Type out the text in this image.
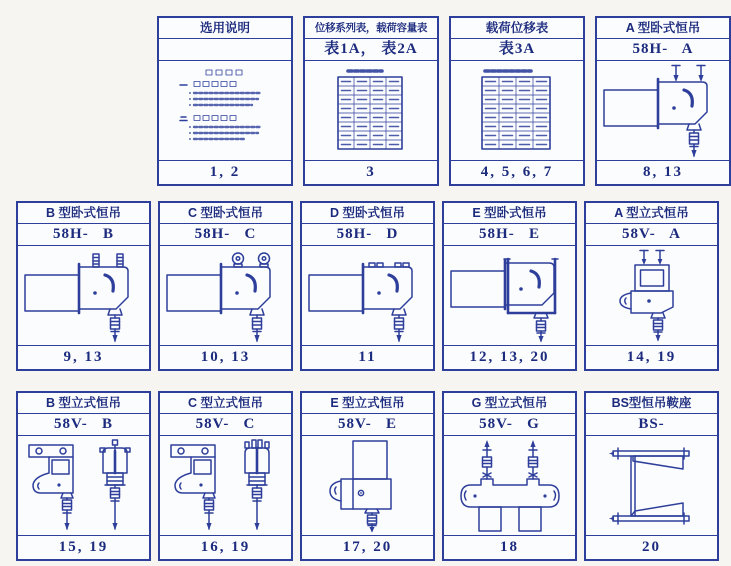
选用说明
1, 2
位移系列表，载荷容量表
表1A， 表2A
3
载荷位移表
表3A
4, 5, 6, 7
A 型卧式恒吊
58H-   A
8, 13
B 型卧式恒吊
58H-   B
9, 13
C 型卧式恒吊
58H-   C
10, 13
D 型卧式恒吊
58H-   D
11
E 型卧式恒吊
58H-   E
12, 13, 20
A 型立式恒吊
58V-   A
14, 19
B 型立式恒吊
58V-   B
15, 19
C 型立式恒吊
58V-   C
16, 19
E 型立式恒吊
58V-   E
17, 20
G 型立式恒吊
58V-   G
18
BS型恒吊鞍座
BS-
20
